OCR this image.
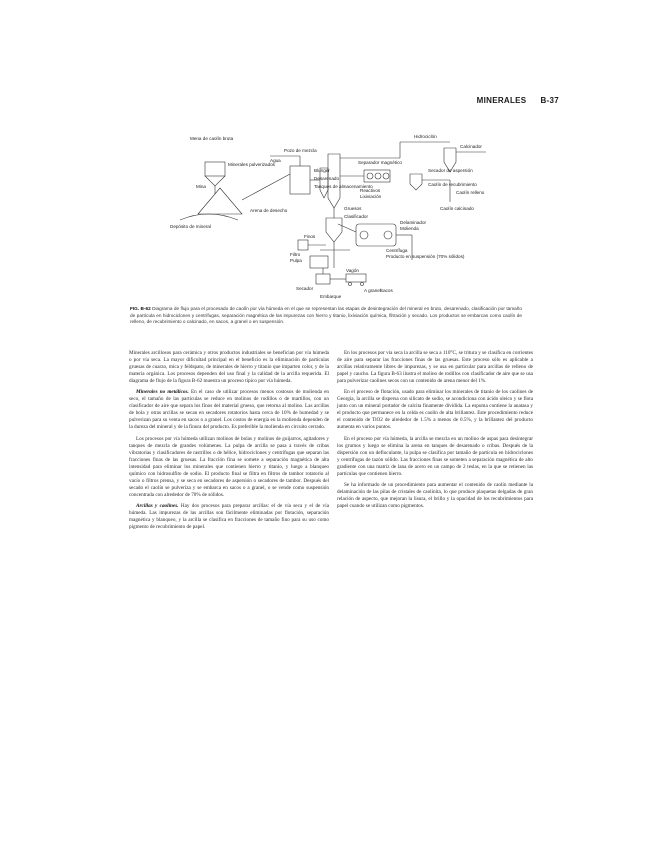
MINERALES B-37
Mena de caolín bruta
Minerales pulverizados
Mina
Depósito de mineral
Pozo de mezcla
Agua
Blunger
Desarenado
Tanques de almacenamiento
Separador magnético
Reactivos
Lixiviación
Hidrociclón
Calcinador
Secador de aspersión
Caolín de recubrimiento
Caolín calcinado
Clasificador
Delaminador
Molienda
Centrífuga
Producto en suspensión (70% sólidos)
Finos
Filtro
Pulpa
Secador
Vagón
Embarque
A granel Sacos
Arena de desecho	Gruesos
Caolín relleno
FIG. B-62 Diagrama de flujo para el procesado de caolín por vía húmeda en el que se representan las etapas de desintegración del mineral en bruto, desarenado, clasificación por tamaño de partícula en hidrociclones y centrífugas, separación magnética de las impurezas con hierro y titanio, lixiviación química, filtración y secado. Los productos se embarcan como caolín de relleno, de recubrimiento o calcinado, en sacos, a granel o en suspensión.

Minerales arcillosos para cerámica y otros productos industriales se benefician por vía húmeda o por vía seca. La mayor dificultad principal en el beneficio es la eliminación de partículas gruesas de cuarzo, mica y feldspato, de minerales de hierro y titanio que imparten color, y de la materia orgánica. Los procesos dependen del uso final y la calidad de la arcilla requerida. El diagrama de flujo de la figura B-62 muestra un proceso típico por vía húmeda.

Minerales no metálicos. En el caso de utilizar procesos menos costosos de molienda en seco, el tamaño de las partículas se reduce en molinos de rodillos o de martillos, con un clasificador de aire que separa los finos del material grueso, que retorna al molino. Las arcillas de bola y otras arcillas se secan en secadores rotatorios hasta cerca de 10% de humedad y se pulverizan para su venta en sacos o a granel. Los costos de energía en la molienda dependen de la dureza del mineral y de la finura del producto. Es preferible la molienda en circuito cerrado.

Los procesos por vía húmeda utilizan molinos de bolas y molinos de guijarros, agitadores y tanques de mezcla de grandes volúmenes. La pulpa de arcilla se pasa a través de cribas vibratorias y clasificadores de rastrillos o de hélice, hidrociclones y centrífugas que separan las fracciones finas de las gruesas. La fracción fina se somete a separación magnética de alta intensidad para eliminar los minerales que contienen hierro y titanio, y luego a blanqueo químico con hidrosulfito de sodio. El producto final se filtra en filtros de tambor rotatorio al vacío o filtros prensa, y se seca en secadores de aspersión o secadores de tambor. Después del secado el caolín se pulveriza y se embarca en sacos o a granel, o se vende como suspensión concentrada con alrededor de 70% de sólidos.

Arcillas y caolines. Hay dos procesos para preparar arcillas: el de vía seca y el de vía húmeda. Las impurezas de las arcillas son fácilmente eliminadas por flotación, separación magnética y blanqueo, y la arcilla se clasifica en fracciones de tamaño fino para su uso como pigmento de recubrimiento de papel.

En los procesos por vía seca la arcilla se seca a 110°C, se tritura y se clasifica en corrientes de aire para separar las fracciones finas de las gruesas. Este proceso sólo es aplicable a arcillas relativamente libres de impurezas, y se usa en particular para arcillas de relleno de papel y caucho. La figura B-63 ilustra el molino de rodillos con clasificador de aire que se usa para pulverizar caolines secos con un contenido de arena menor del 1%.

En el proceso de flotación, usado para eliminar los minerales de titanio de los caolines de Georgia, la arcilla se dispersa con silicato de sodio, se acondiciona con ácido oleico y se flota junto con un mineral portador de calcita finamente dividida. La espuma contiene la anatasa y el producto que permanece en la celda es caolín de alta brillantez. Este procedimiento reduce el contenido de TiO2 de alrededor de 1.5% a menos de 0.5%, y la brillantez del producto aumenta en varios puntos.

En el proceso por vía húmeda, la arcilla se mezcla en un molino de aspas para desintegrar los grumos y luego se elimina la arena en tanques de desarenado o cribas. Después de la dispersión con un defloculante, la pulpa se clasifica por tamaño de partícula en hidrociclones y centrífugas de tazón sólido. Las fracciones finas se someten a separación magnética de alto gradiente con una matriz de lana de acero en un campo de 2 teslas, en la que se retienen las partículas que contienen hierro.

Se ha informado de un procedimiento para aumentar el contenido de caolín mediante la delaminación de las pilas de cristales de caolinita, lo que produce plaquetas delgadas de gran relación de aspecto, que mejoran la lisura, el brillo y la opacidad de los recubrimientos para papel cuando se utilizan como pigmentos.
